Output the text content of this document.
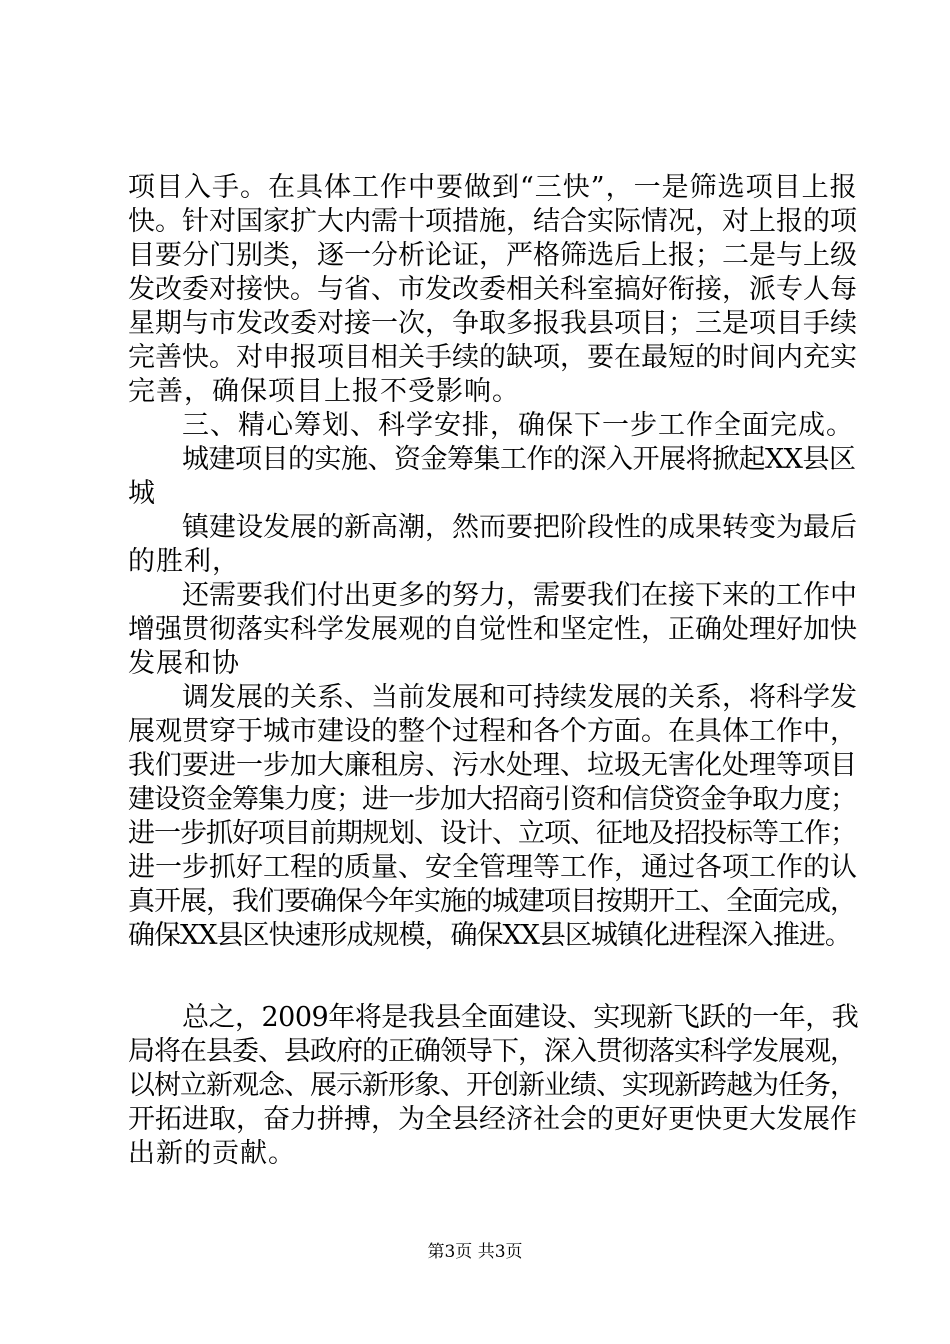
项目入手。在具体工作中要做到“三快”，一是筛选项目上报
快。针对国家扩大内需十项措施，结合实际情况，对上报的项
目要分门别类，逐一分析论证，严格筛选后上报；二是与上级
发改委对接快。与省、市发改委相关科室搞好衔接，派专人每
星期与市发改委对接一次，争取多报我县项目；三是项目手续
完善快。对申报项目相关手续的缺项，要在最短的时间内充实
完善，确保项目上报不受影响。
三、精心筹划、科学安排，确保下一步工作全面完成。
城建项目的实施、资金筹集工作的深入开展将掀起XX县区
城
镇建设发展的新高潮，然而要把阶段性的成果转变为最后
的胜利，
还需要我们付出更多的努力，需要我们在接下来的工作中
增强贯彻落实科学发展观的自觉性和坚定性，正确处理好加快
发展和协
调发展的关系、当前发展和可持续发展的关系，将科学发
展观贯穿于城市建设的整个过程和各个方面。在具体工作中，
我们要进一步加大廉租房、污水处理、垃圾无害化处理等项目
建设资金筹集力度；进一步加大招商引资和信贷资金争取力度；
进一步抓好项目前期规划、设计、立项、征地及招投标等工作；
进一步抓好工程的质量、安全管理等工作，通过各项工作的认
真开展，我们要确保今年实施的城建项目按期开工、全面完成，
确保XX县区快速形成规模，确保XX县区城镇化进程深入推进。
总之，2009年将是我县全面建设、实现新飞跃的一年，我
局将在县委、县政府的正确领导下，深入贯彻落实科学发展观，
以树立新观念、展示新形象、开创新业绩、实现新跨越为任务，
开拓进取，奋力拼搏，为全县经济社会的更好更快更大发展作
出新的贡献。
第3页 共3页
